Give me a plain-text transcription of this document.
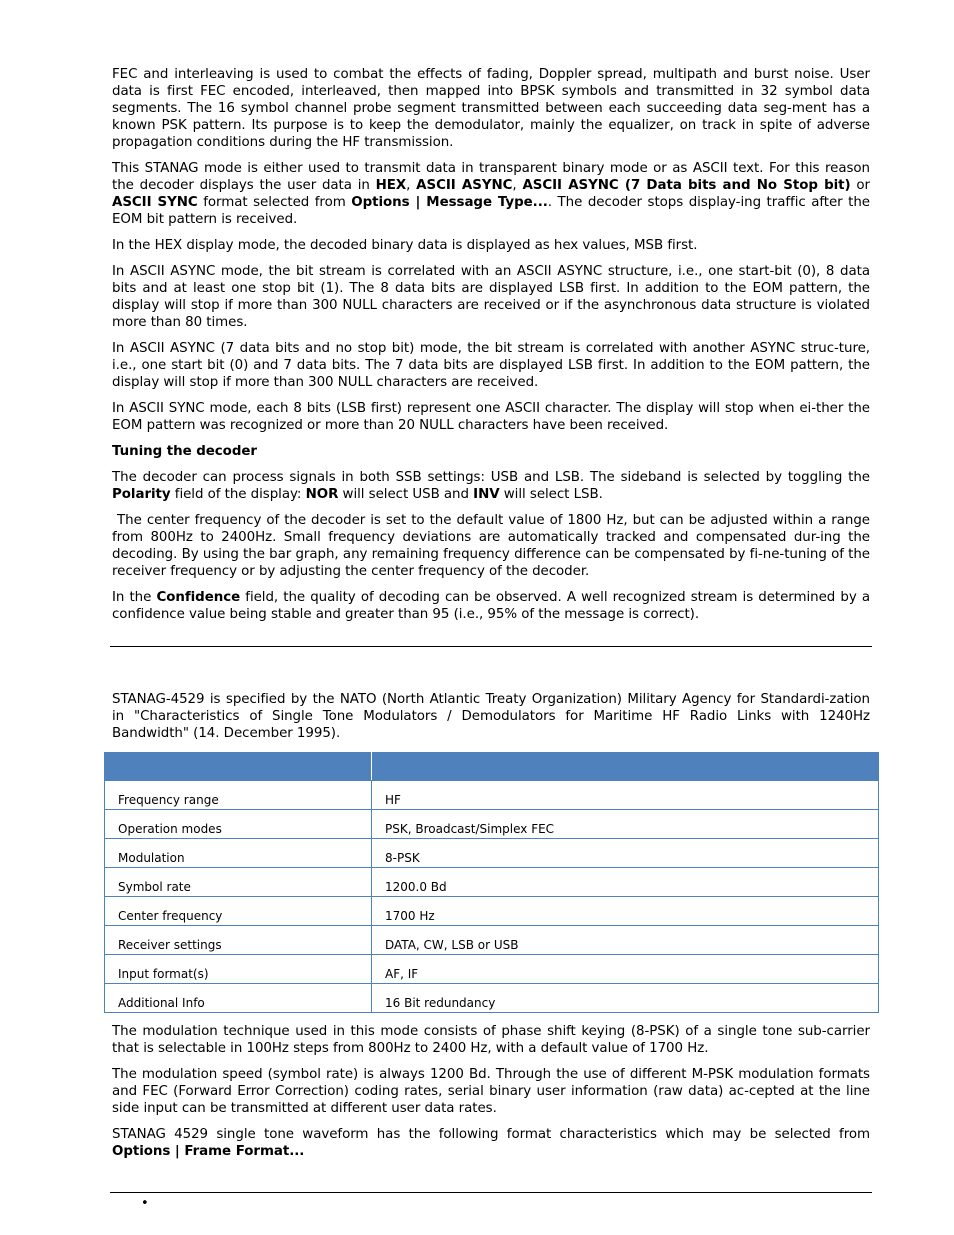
FEC and interleaving is used to combat the effects of fading, Doppler spread, multipath and burst noise. User data is first FEC encoded, interleaved, then mapped into BPSK symbols and transmitted in 32 symbol data segments. The 16 symbol channel probe segment transmitted between each succeeding data seg-ment has a known PSK pattern. Its purpose is to keep the demodulator, mainly the equalizer, on track in spite of adverse propagation conditions during the HF transmission.

This STANAG mode is either used to transmit data in transparent binary mode or as ASCII text. For this reason the decoder displays the user data in HEX, ASCII ASYNC, ASCII ASYNC (7 Data bits and No Stop bit) or ASCII SYNC format selected from Options | Message Type.... The decoder stops display-ing traffic after the EOM bit pattern is received.

In the HEX display mode, the decoded binary data is displayed as hex values, MSB first.

In ASCII ASYNC mode, the bit stream is correlated with an ASCII ASYNC structure, i.e., one start-bit (0), 8 data bits and at least one stop bit (1). The 8 data bits are displayed LSB first. In addition to the EOM pattern, the display will stop if more than 300 NULL characters are received or if the asynchronous data structure is violated more than 80 times.

In ASCII ASYNC (7 data bits and no stop bit) mode, the bit stream is correlated with another ASYNC struc-ture, i.e., one start bit (0) and 7 data bits. The 7 data bits are displayed LSB first. In addition to the EOM pattern, the display will stop if more than 300 NULL characters are received.

In ASCII SYNC mode, each 8 bits (LSB first) represent one ASCII character. The display will stop when ei-ther the EOM pattern was recognized or more than 20 NULL characters have been received.

Tuning the decoder

The decoder can process signals in both SSB settings: USB and LSB. The sideband is selected by toggling the Polarity field of the display: NOR will select USB and INV will select LSB.

The center frequency of the decoder is set to the default value of 1800 Hz, but can be adjusted within a range from 800Hz to 2400Hz. Small frequency deviations are automatically tracked and compensated dur-ing the decoding. By using the bar graph, any remaining frequency difference can be compensated by fi-ne-tuning of the receiver frequency or by adjusting the center frequency of the decoder.

In the Confidence field, the quality of decoding can be observed. A well recognized stream is determined by a confidence value being stable and greater than 95 (i.e., 95% of the message is correct).

STANAG-4529 is specified by the NATO (North Atlantic Treaty Organization) Military Agency for Standardi-zation in "Characteristics of Single Tone Modulators / Demodulators for Maritime HF Radio Links with 1240Hz Bandwidth" (14. December 1995).

Frequency range	HF

Operation modes	PSK, Broadcast/Simplex FEC

Modulation	8-PSK

Symbol rate	1200.0 Bd

Center frequency	1700 Hz

Receiver settings	DATA, CW, LSB or USB

Input format(s)	AF, IF

Additional Info	16 Bit redundancy

The modulation technique used in this mode consists of phase shift keying (8-PSK) of a single tone sub-carrier that is selectable in 100Hz steps from 800Hz to 2400 Hz, with a default value of 1700 Hz.

The modulation speed (symbol rate) is always 1200 Bd. Through the use of different M-PSK modulation formats and FEC (Forward Error Correction) coding rates, serial binary user information (raw data) ac-cepted at the line side input can be transmitted at different user data rates.

STANAG 4529 single tone waveform has the following format characteristics which may be selected from Options | Frame Format...

•
